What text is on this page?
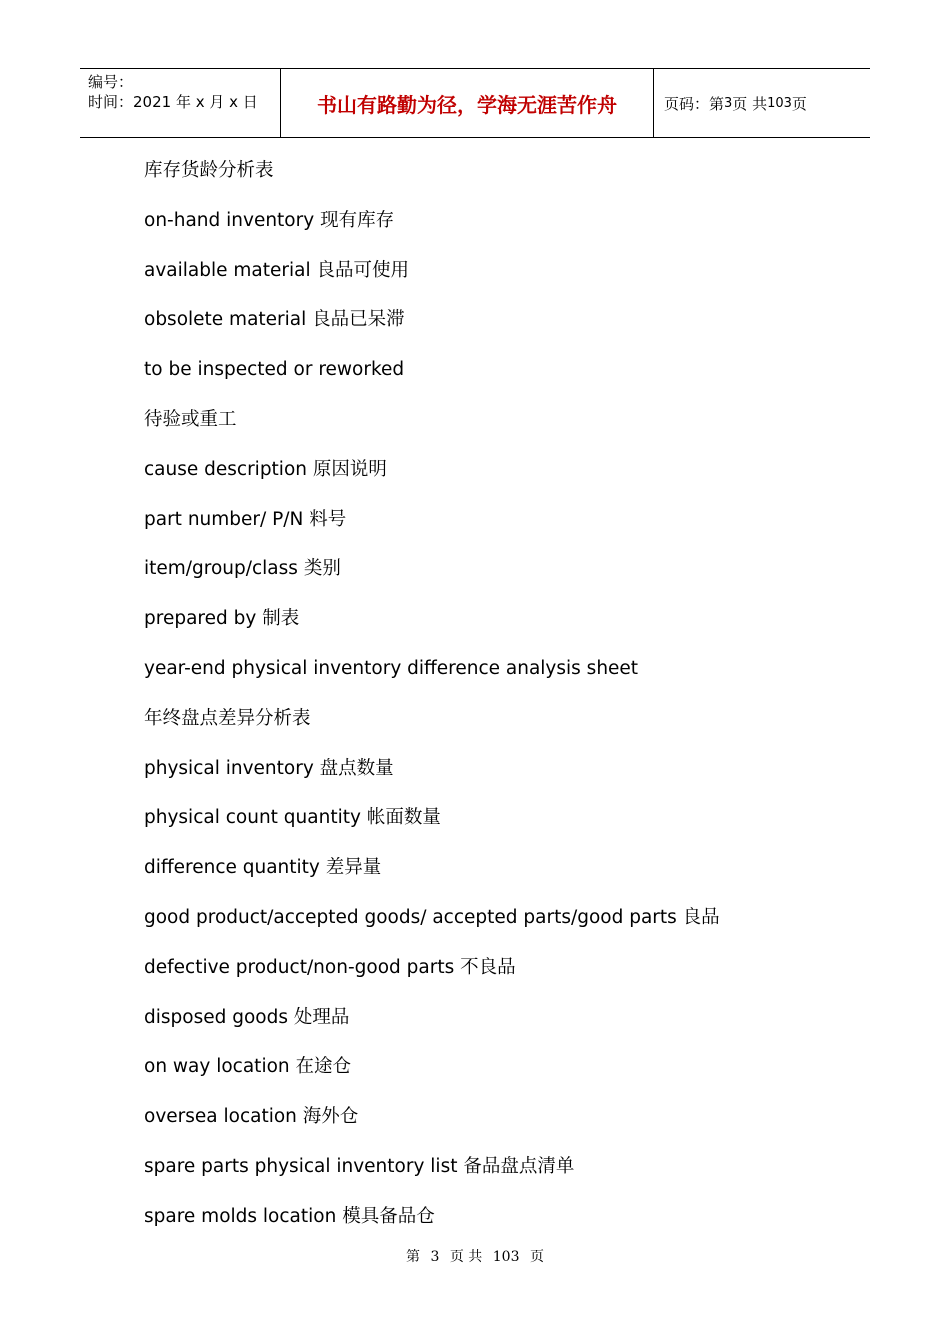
编号：
时间：2021 年 x 月 x 日	书山有路勤为径，学海无涯苦作舟	页码：第 3 页 共 103 页
库存货龄分析表
on-hand inventory 现有库存
available material 良品可使用
obsolete material 良品已呆滞
to be inspected or reworked
待验或重工
cause description 原因说明
part number/ P/N 料号
item/group/class 类别
prepared by 制表
year-end physical inventory difference analysis sheet
年终盘点差异分析表
physical inventory 盘点数量
physical count quantity 帐面数量
difference quantity 差异量
good product/accepted goods/ accepted parts/good parts 良品
defective product/non-good parts 不良品
disposed goods 处理品
on way location 在途仓
oversea location 海外仓
spare parts physical inventory list 备品盘点清单
spare molds location 模具备品仓
第 3 页 共 103 页
